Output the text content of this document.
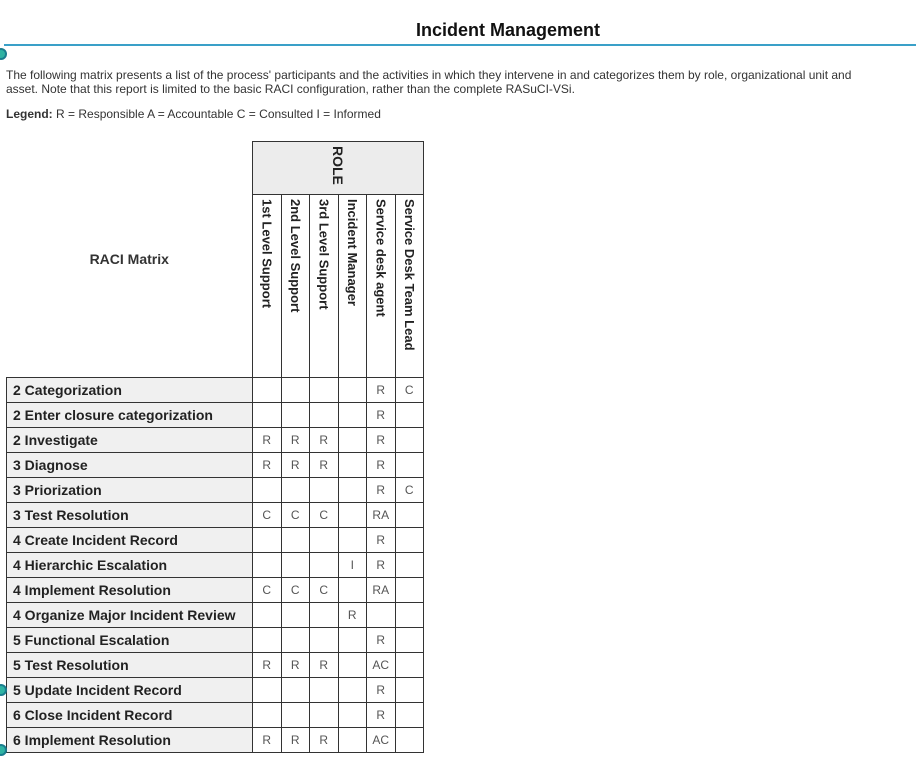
Incident Management
The following matrix presents a list of the process' participants and the activities in which they intervene in and categorizes them by role, organizational unit and asset. Note that this report is limited to the basic RACI configuration, rather than the complete RASuCI-VSi.
Legend: R = Responsible A = Accountable C = Consulted I = Informed
RACI Matrix	ROLE					
	1st Level Support	2nd Level Support	3rd Level Support	Incident Manager	Service desk agent	Service Desk Team Lead
2 Categorization					R	C
2 Enter closure categorization					R	
2 Investigate	R	R	R		R	
3 Diagnose	R	R	R		R	
3 Priorization					R	C
3 Test Resolution	C	C	C		RA	
4 Create Incident Record					R	
4 Hierarchic Escalation				I	R	
4 Implement Resolution	C	C	C		RA	
4 Organize Major Incident Review				R		
5 Functional Escalation					R	
5 Test Resolution	R	R	R		AC	
5 Update Incident Record					R	
6 Close Incident Record					R	
6 Implement Resolution	R	R	R		AC	
